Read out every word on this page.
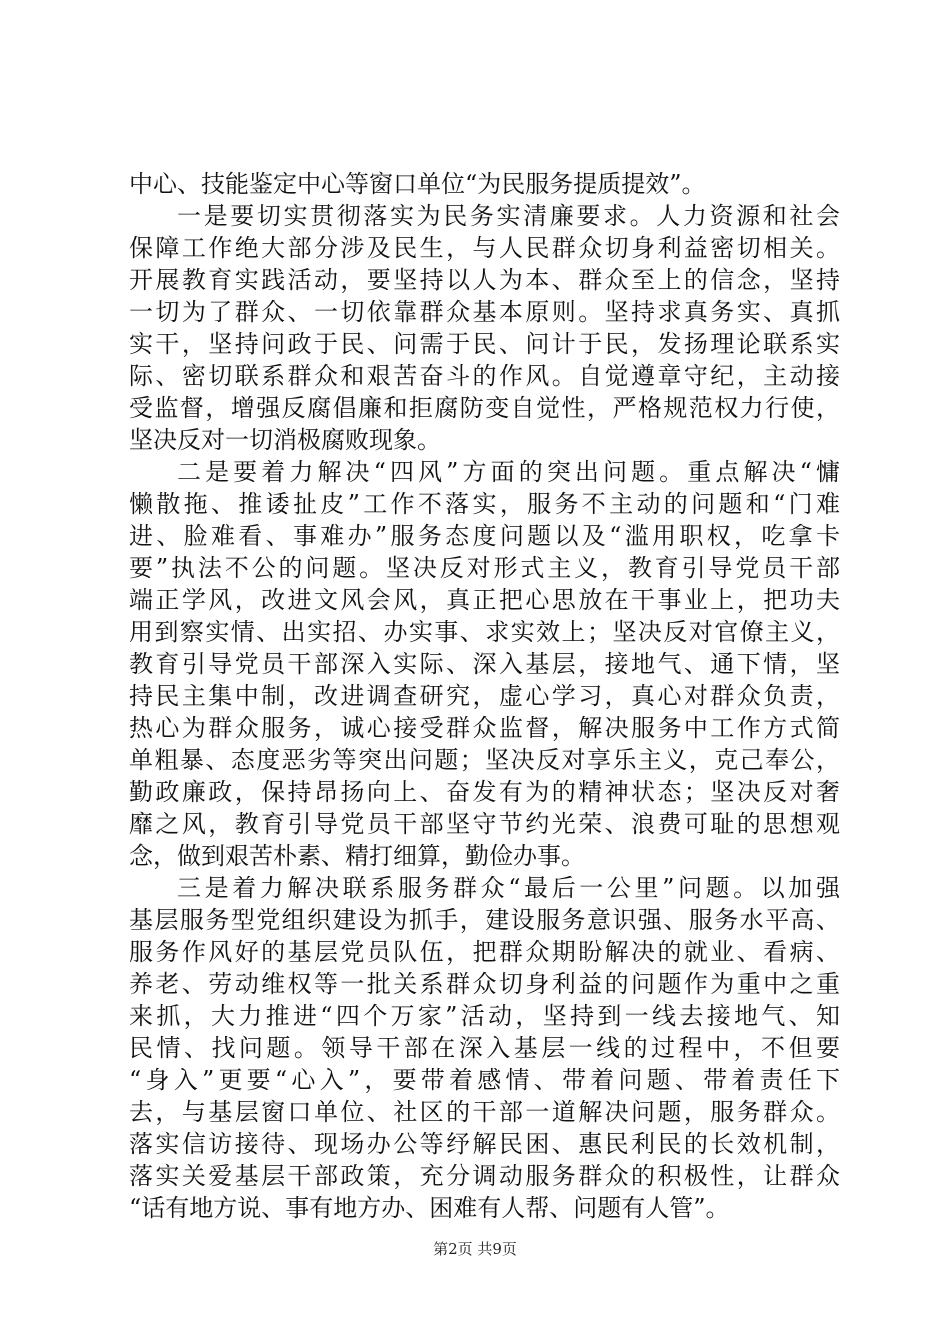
中心、技能鉴定中心等窗口单位“为民服务提质提效”。
一是要切实贯彻落实为民务实清廉要求。人力资源和社会
保障工作绝大部分涉及民生，与人民群众切身利益密切相关。
开展教育实践活动，要坚持以人为本、群众至上的信念，坚持
一切为了群众、一切依靠群众基本原则。坚持求真务实、真抓
实干，坚持问政于民、问需于民、问计于民，发扬理论联系实
际、密切联系群众和艰苦奋斗的作风。自觉遵章守纪，主动接
受监督，增强反腐倡廉和拒腐防变自觉性，严格规范权力行使，
坚决反对一切消极腐败现象。
二是要着力解决“四风”方面的突出问题。重点解决“慵
懒散拖、推诿扯皮”工作不落实，服务不主动的问题和“门难
进、脸难看、事难办”服务态度问题以及“滥用职权，吃拿卡
要”执法不公的问题。坚决反对形式主义，教育引导党员干部
端正学风，改进文风会风，真正把心思放在干事业上，把功夫
用到察实情、出实招、办实事、求实效上；坚决反对官僚主义，
教育引导党员干部深入实际、深入基层，接地气、通下情，坚
持民主集中制，改进调查研究，虚心学习，真心对群众负责，
热心为群众服务，诚心接受群众监督，解决服务中工作方式简
单粗暴、态度恶劣等突出问题；坚决反对享乐主义，克己奉公，
勤政廉政，保持昂扬向上、奋发有为的精神状态；坚决反对奢
靡之风，教育引导党员干部坚守节约光荣、浪费可耻的思想观
念，做到艰苦朴素、精打细算，勤俭办事。
三是着力解决联系服务群众“最后一公里”问题。以加强
基层服务型党组织建设为抓手，建设服务意识强、服务水平高、
服务作风好的基层党员队伍，把群众期盼解决的就业、看病、
养老、劳动维权等一批关系群众切身利益的问题作为重中之重
来抓，大力推进“四个万家”活动，坚持到一线去接地气、知
民情、找问题。领导干部在深入基层一线的过程中，不但要
“身入”更要“心入”，要带着感情、带着问题、带着责任下
去，与基层窗口单位、社区的干部一道解决问题，服务群众。
落实信访接待、现场办公等纾解民困、惠民利民的长效机制，
落实关爱基层干部政策，充分调动服务群众的积极性，让群众
“话有地方说、事有地方办、困难有人帮、问题有人管”。
第2页 共9页
